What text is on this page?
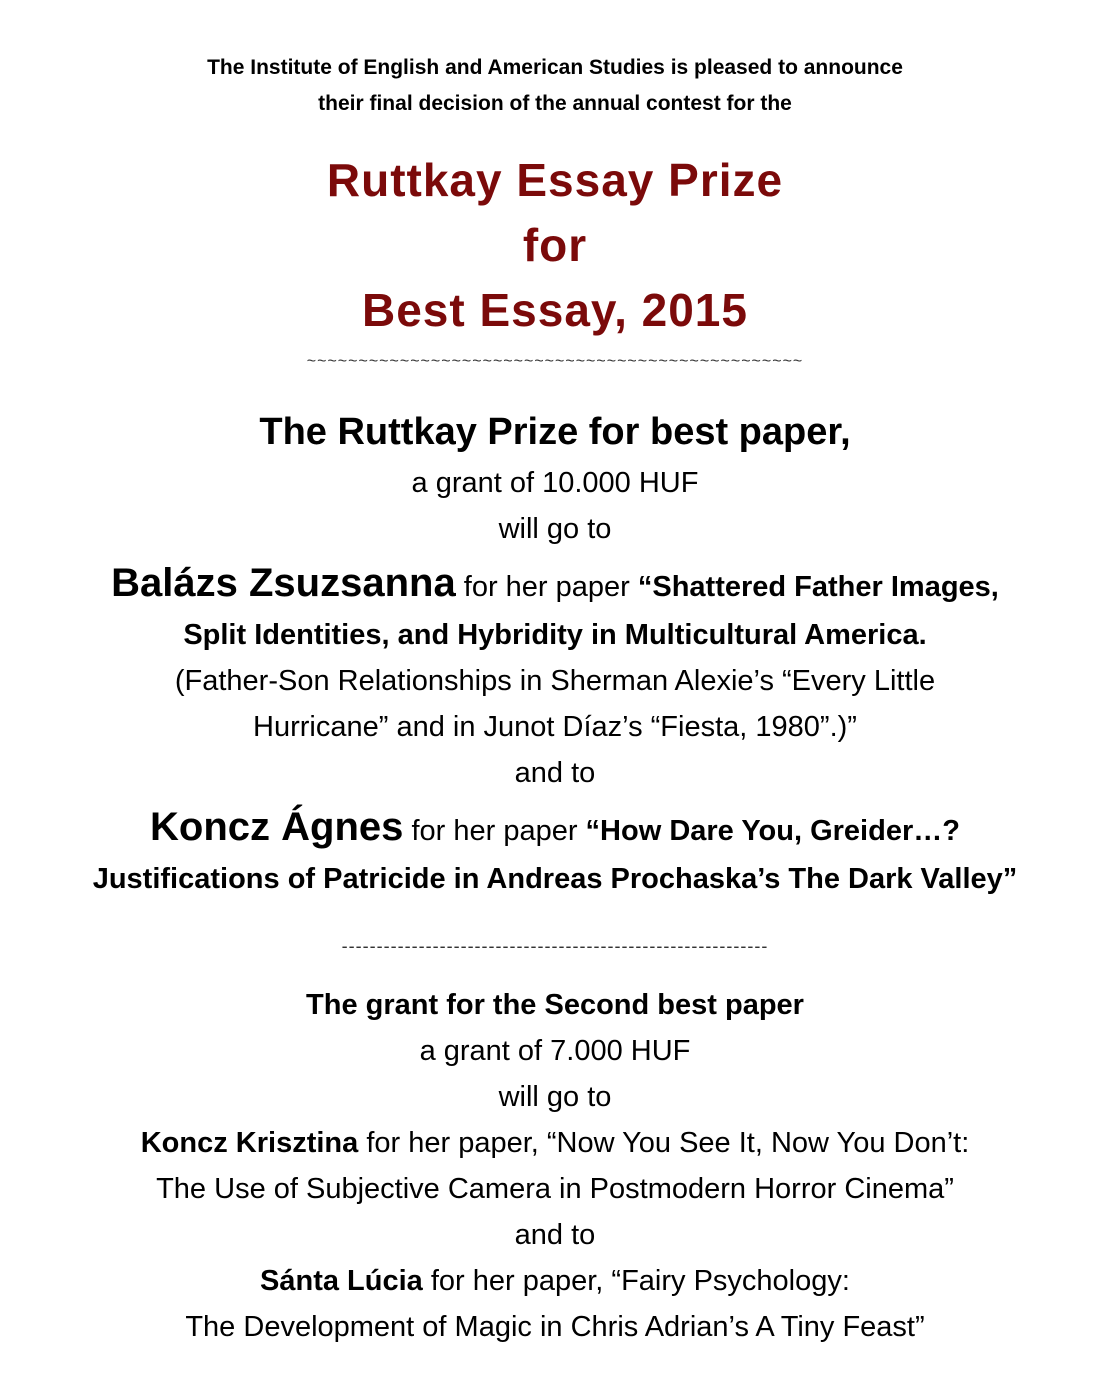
The Institute of English and American Studies is pleased to announce
their final decision of the annual contest for the
Ruttkay Essay Prize
for
Best Essay, 2015
~~~~~~~~~~~~~~~~~~~~~~~~~~~~~~~~~~~~~~~~~~~~~~~~
The Ruttkay Prize for best paper,
a grant of 10.000 HUF
will go to
Balázs Zsuzsanna for her paper “Shattered Father Images,
Split Identities, and Hybridity in Multicultural America.
(Father-Son Relationships in Sherman Alexie’s “Every Little
Hurricane” and in Junot Díaz’s “Fiesta, 1980”.)”
and to
Koncz Ágnes for her paper “How Dare You, Greider…?
Justifications of Patricide in Andreas Prochaska’s The Dark Valley”
-------------------------------------------------------------
The grant for the Second best paper
a grant of 7.000 HUF
will go to
Koncz Krisztina for her paper, “Now You See It, Now You Don’t:
The Use of Subjective Camera in Postmodern Horror Cinema”
and to
Sánta Lúcia for her paper, “Fairy Psychology:
The Development of Magic in Chris Adrian’s A Tiny Feast”
